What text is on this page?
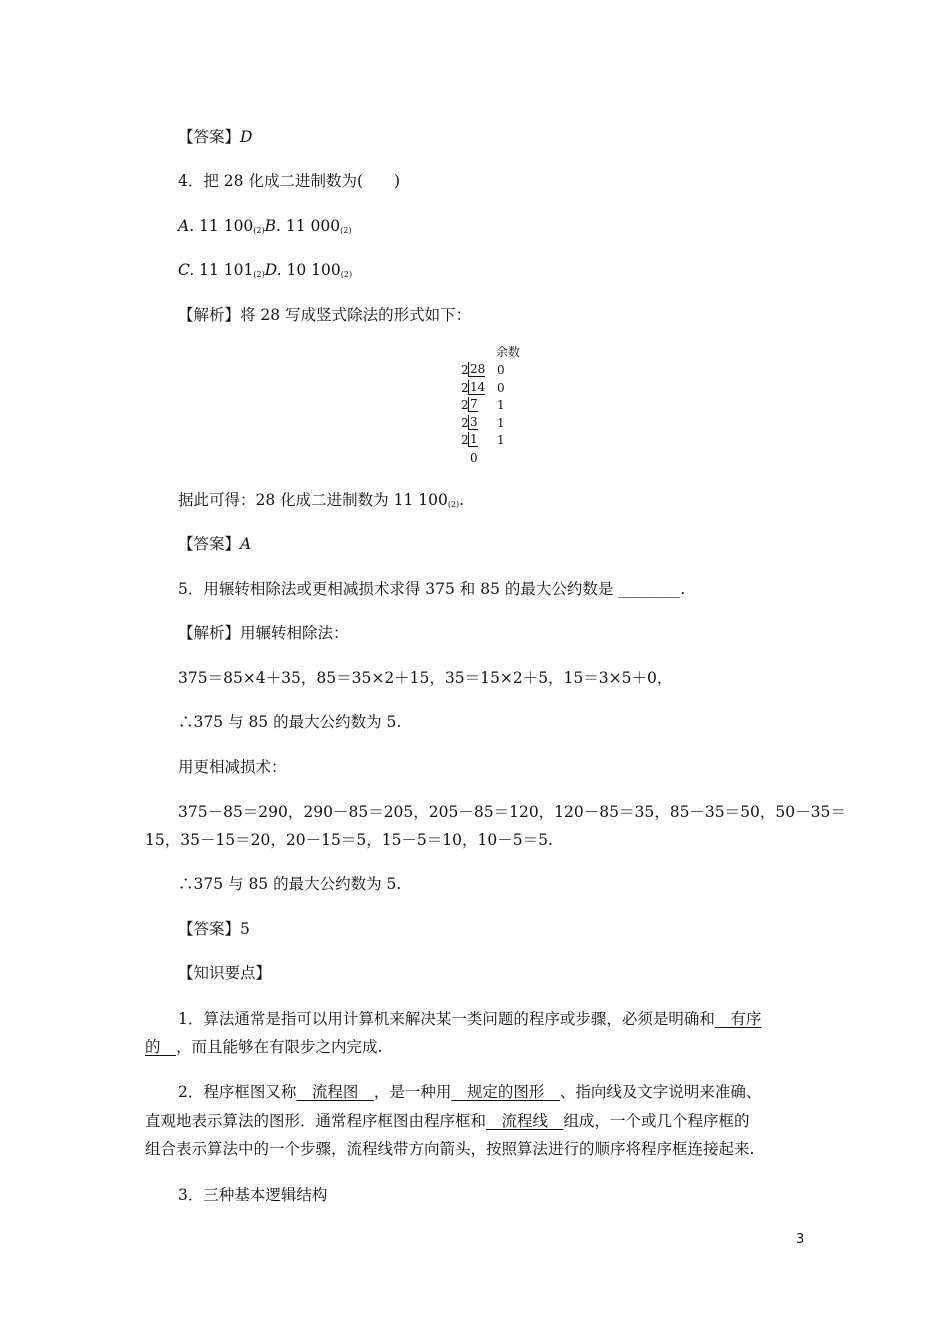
【答案】D
4．把 28 化成二进制数为(　　)
A. 11 $100_{(2)}B$. 11 $000_{(2)}$
C. 11 $101_{(2)}D$. 10 $100_{(2)}$
【解析】将 28 写成竖式除法的形式如下：
余数
2 28 0
2 14 0
2 7 1
2 3 1
2 1 1
0
据此可得：28 化成二进制数为 11 $100_{(2)}$.
【答案】A
5．用辗转相除法或更相减损术求得 375 和 85 的最大公约数是 ________.
【解析】用辗转相除法：
375＝85×4＋35，85＝35×2＋15，35＝15×2＋5，15＝3×5＋0，
∴375 与 85 的最大公约数为 5.
用更相减损术：
375－85＝290，290－85＝205，205－85＝120，120－85＝35，85－35＝50，50－35＝
15，35－15＝20，20－15＝5，15－5＝10，10－5＝5.
∴375 与 85 的最大公约数为 5.
【答案】5
【知识要点】
1．算法通常是指可以用计算机来解决某一类问题的程序或步骤，必须是明确和　有序
的　，而且能够在有限步之内完成.
2．程序框图又称　流程图　，是一种用　规定的图形　、指向线及文字说明来准确、
直观地表示算法的图形．通常程序框图由程序框和　流程线　组成，一个或几个程序框的
组合表示算法中的一个步骤，流程线带方向箭头，按照算法进行的顺序将程序框连接起来.
3．三种基本逻辑结构
3
